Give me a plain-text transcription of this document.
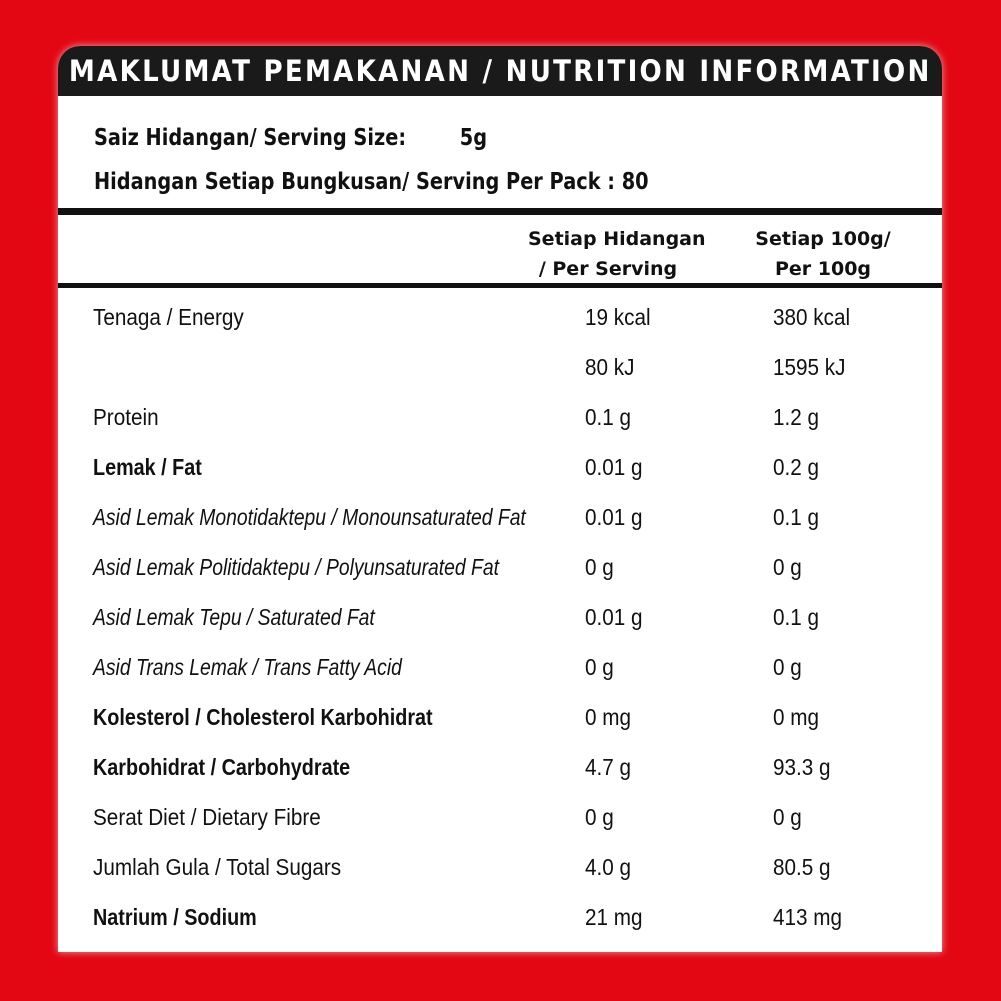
MAKLUMAT PEMAKANAN / NUTRITION INFORMATION
Saiz Hidangan/ Serving Size: 5g
Hidangan Setiap Bungkusan/ Serving Per Pack : 80
Setiap Hidangan
/ Per Serving
Setiap 100g/
Per 100g
Tenaga / Energy	19 kcal	380 kcal
80 kJ	1595 kJ
Protein	0.1 g	1.2 g
Lemak / Fat	0.01 g	0.2 g
Asid Lemak Monotidaktepu / Monounsaturated Fat	0.01 g	0.1 g
Asid Lemak Politidaktepu / Polyunsaturated Fat	0 g	0 g
Asid Lemak Tepu / Saturated Fat	0.01 g	0.1 g
Asid Trans Lemak / Trans Fatty Acid	0 g	0 g
Kolesterol / Cholesterol Karbohidrat	0 mg	0 mg
Karbohidrat / Carbohydrate	4.7 g	93.3 g
Serat Diet / Dietary Fibre	0 g	0 g
Jumlah Gula / Total Sugars	4.0 g	80.5 g
Natrium / Sodium	21 mg	413 mg
